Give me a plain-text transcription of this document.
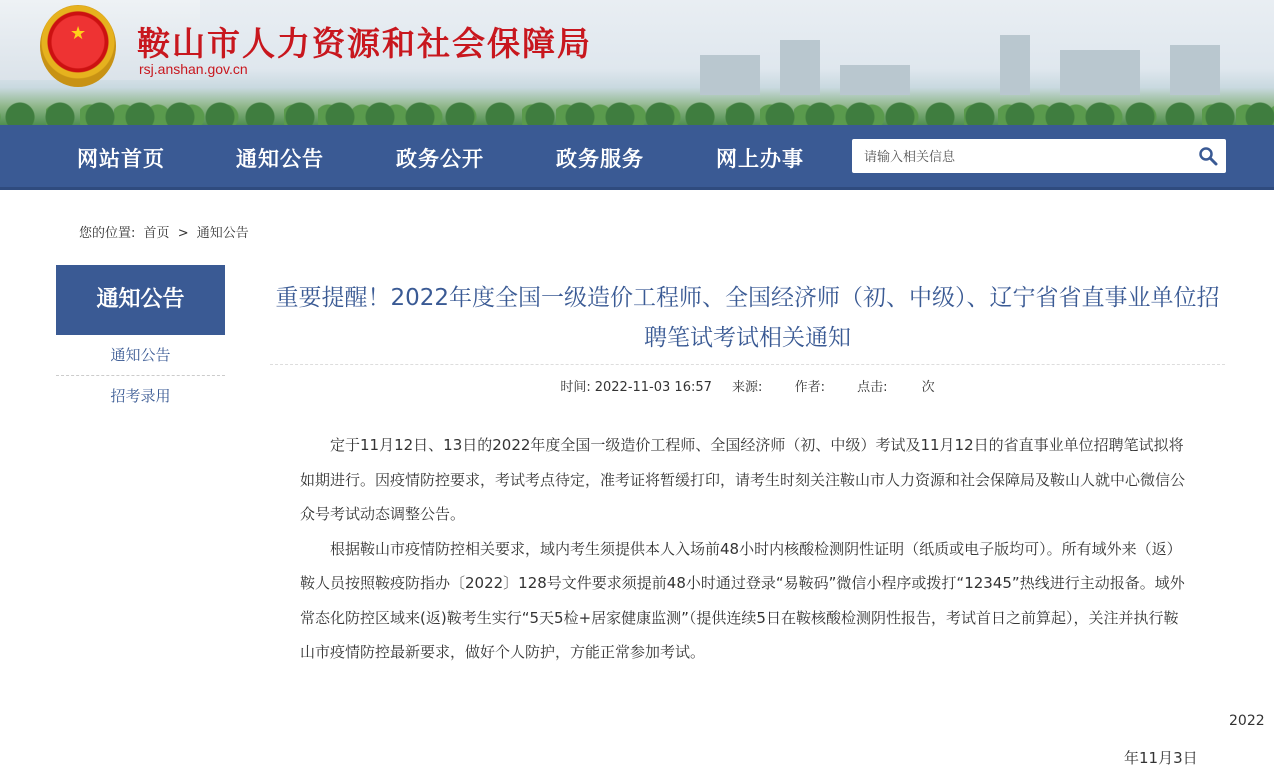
★ 鞍山市人力资源和社会保障局
rsj.anshan.gov.cn
网站首页	通知公告	政务公开	政务服务	网上办事
请输入相关信息
您的位置: 首页 > 通知公告
通知公告
通知公告
招考录用
重要提醒！2022年度全国一级造价工程师、全国经济师（初、中级）、辽宁省省直事业单位招聘笔试考试相关通知
时间: 2022-11-03 16:57 来源: 作者: 点击:	次

定于11月12日、13日的2022年度全国一级造价工程师、全国经济师（初、中级）考试及11月12日的省直事业单位招聘笔试拟将如期进行。因疫情防控要求，考试考点待定，准考证将暂缓打印，请考生时刻关注鞍山市人力资源和社会保障局及鞍山人就中心微信公众号考试动态调整公告。

根据鞍山市疫情防控相关要求，域内考生须提供本人入场前48小时内核酸检测阴性证明（纸质或电子版均可）。所有域外来（返）鞍人员按照鞍疫防指办〔2022〕128号文件要求须提前48小时通过登录“易鞍码”微信小程序或拨打“12345”热线进行主动报备。域外常态化防控区域来(返)鞍考生实行“5天5检+居家健康监测”（提供连续5日在鞍核酸检测阴性报告，考试首日之前算起），关注并执行鞍山市疫情防控最新要求，做好个人防护，方能正常参加考试。

2022
年11月3日
